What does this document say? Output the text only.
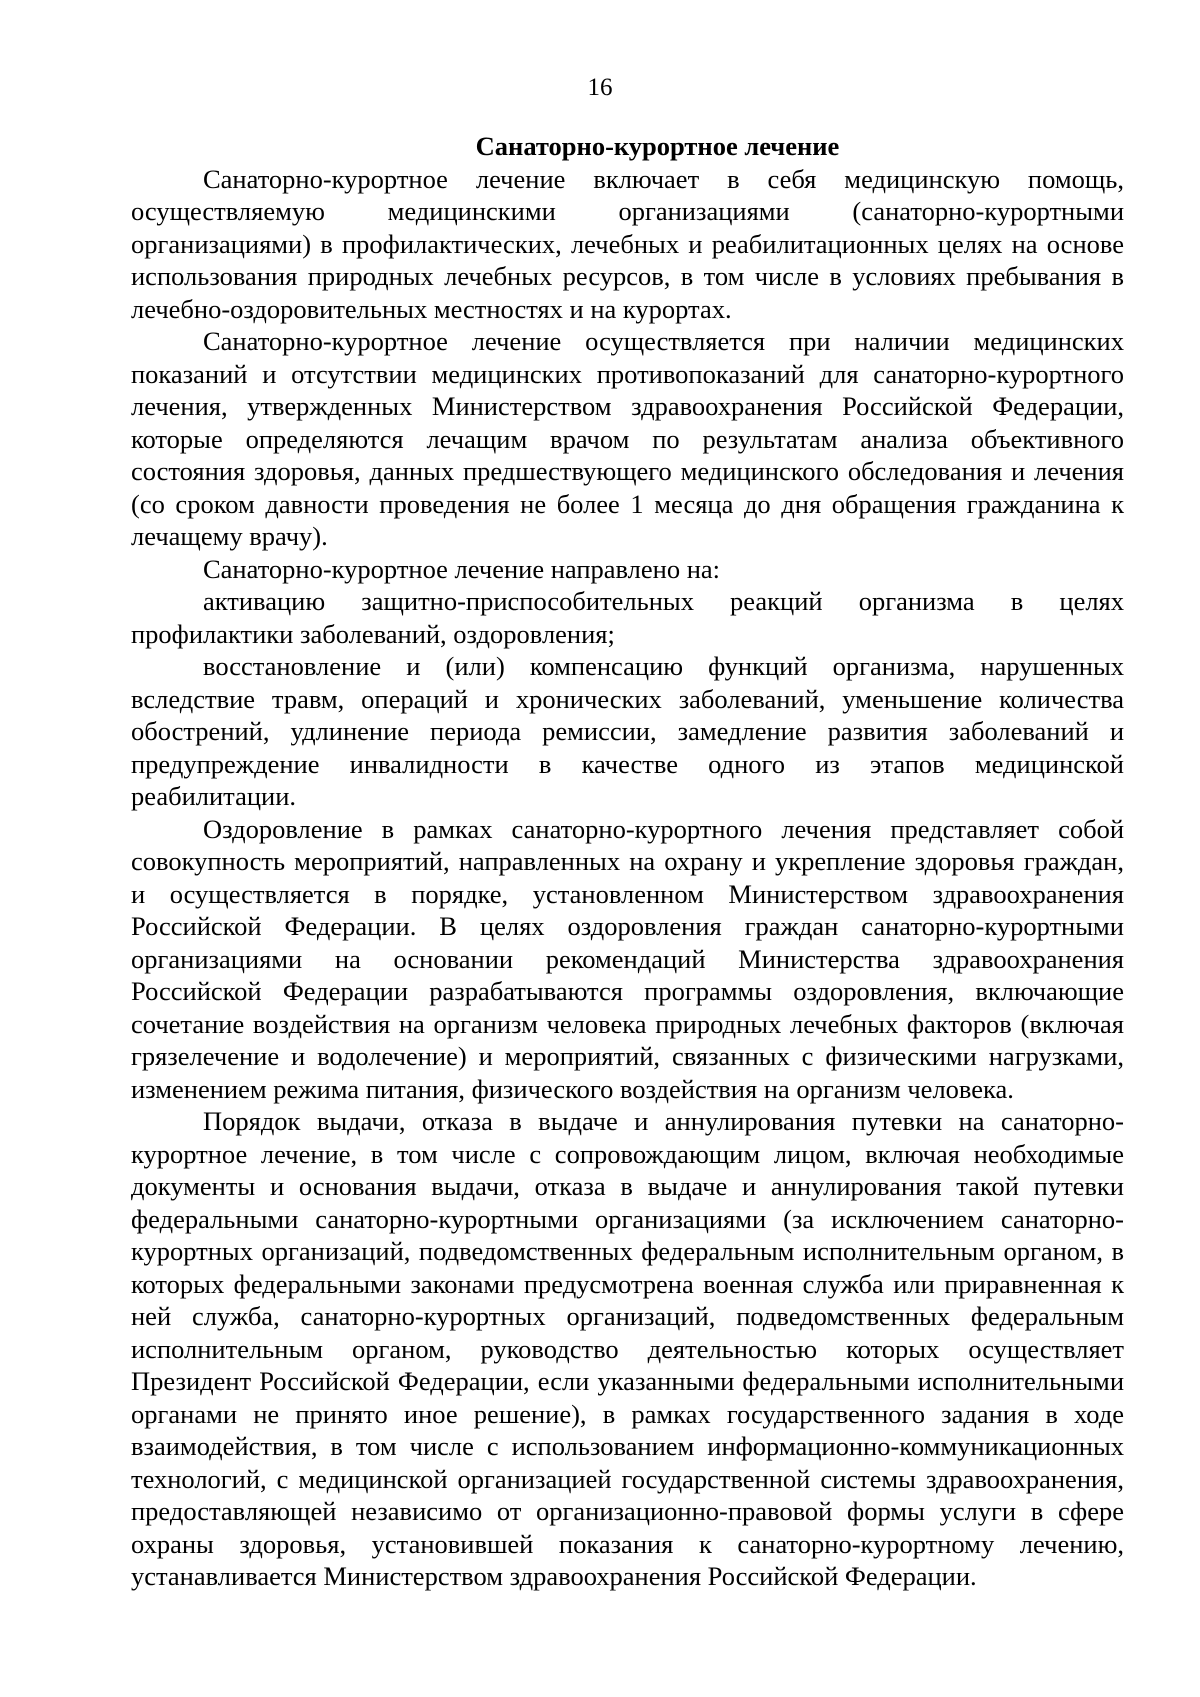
16
Санаторно-курортное лечение

Санаторно-курортное лечение включает в себя медицинскую помощь, осуществляемую медицинскими организациями (санаторно-курортными организациями) в профилактических, лечебных и реабилитационных целях на основе использования природных лечебных ресурсов, в том числе в условиях пребывания в лечебно-оздоровительных местностях и на курортах.

Санаторно-курортное лечение осуществляется при наличии медицинских показаний и отсутствии медицинских противопоказаний для санаторно-курортного лечения, утвержденных Министерством здравоохранения Российской Федерации, которые определяются лечащим врачом по результатам анализа объективного состояния здоровья, данных предшествующего медицинского обследования и лечения (со сроком давности проведения не более 1 месяца до дня обращения гражданина к лечащему врачу).

Санаторно-курортное лечение направлено на:

активацию защитно-приспособительных реакций организма в целях профилактики заболеваний, оздоровления;

восстановление и (или) компенсацию функций организма, нарушенных вследствие травм, операций и хронических заболеваний, уменьшение количества обострений, удлинение периода ремиссии, замедление развития заболеваний и предупреждение инвалидности в качестве одного из этапов медицинской реабилитации.

Оздоровление в рамках санаторно-курортного лечения представляет собой совокупность мероприятий, направленных на охрану и укрепление здоровья граждан, и осуществляется в порядке, установленном Министерством здравоохранения Российской Федерации. В целях оздоровления граждан санаторно-курортными организациями на основании рекомендаций Министерства здравоохранения Российской Федерации разрабатываются программы оздоровления, включающие сочетание воздействия на организм человека природных лечебных факторов (включая грязелечение и водолечение) и мероприятий, связанных с физическими нагрузками, изменением режима питания, физического воздействия на организм человека.

Порядок выдачи, отказа в выдаче и аннулирования путевки на санаторно-курортное лечение, в том числе с сопровождающим лицом, включая необходимые документы и основания выдачи, отказа в выдаче и аннулирования такой путевки федеральными санаторно-курортными организациями (за исключением санаторно-курортных организаций, подведомственных федеральным исполнительным органом, в которых федеральными законами предусмотрена военная служба или приравненная к ней служба, санаторно-курортных организаций, подведомственных федеральным исполнительным органом, руководство деятельностью которых осуществляет Президент Российской Федерации, если указанными федеральными исполнительными органами не принято иное решение), в рамках государственного задания в ходе взаимодействия, в том числе с использованием информационно-коммуникационных технологий, с медицинской организацией государственной системы здравоохранения, предоставляющей независимо от организационно-правовой формы услуги в сфере охраны здоровья, установившей показания к санаторно-курортному лечению, устанавливается Министерством здравоохранения Российской Федерации.
